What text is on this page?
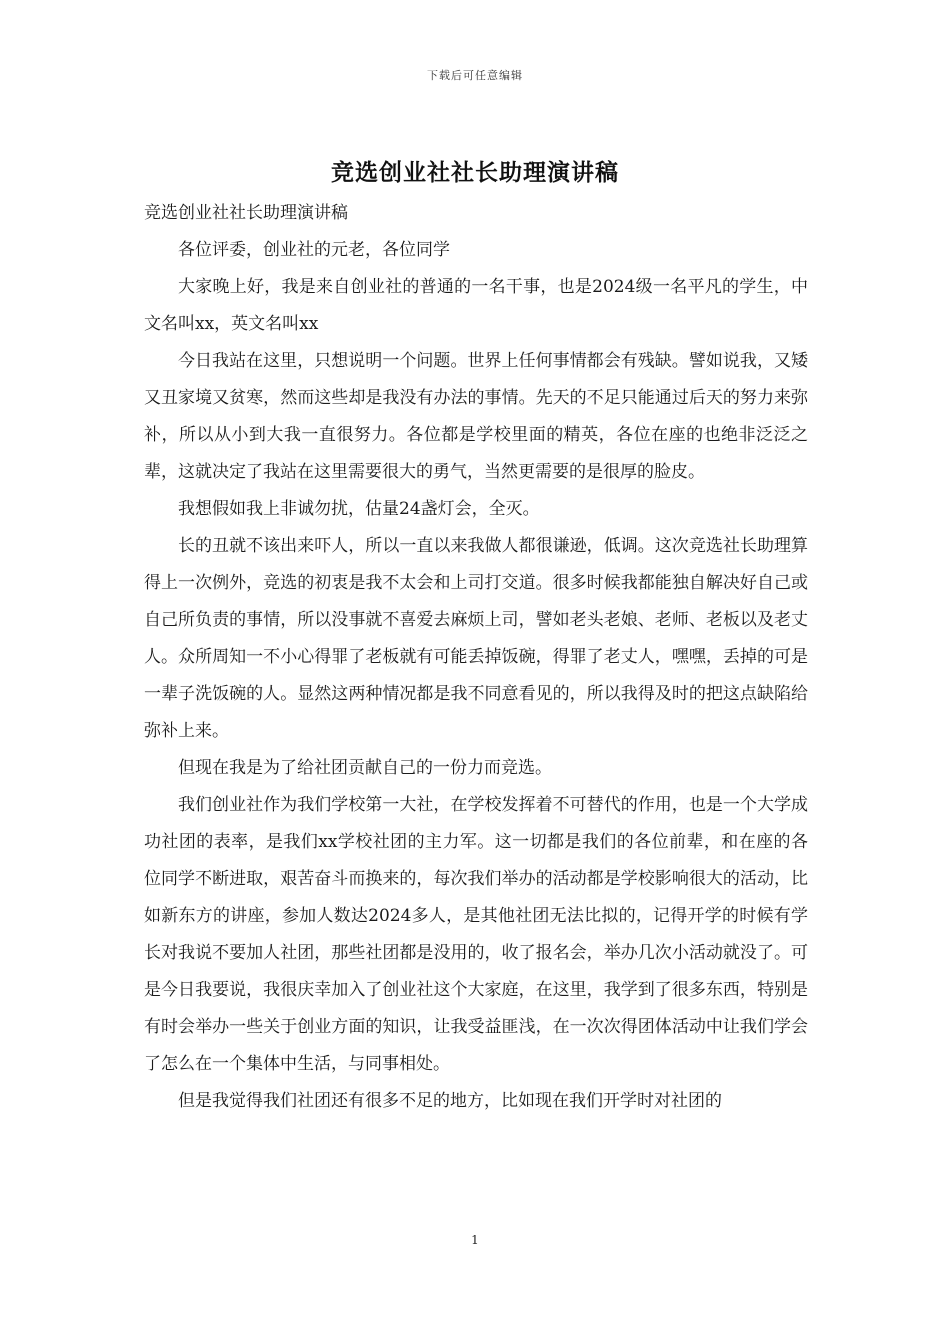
下载后可任意编辑
竞选创业社社长助理演讲稿

竞选创业社社长助理演讲稿

各位评委，创业社的元老，各位同学

大家晚上好，我是来自创业社的普通的一名干事，也是2024级一名平凡的学生，中文名叫xx，英文名叫xx

今日我站在这里，只想说明一个问题。世界上任何事情都会有残缺。譬如说我，又矮又丑家境又贫寒，然而这些却是我没有办法的事情。先天的不足只能通过后天的努力来弥补，所以从小到大我一直很努力。各位都是学校里面的精英，各位在座的也绝非泛泛之辈，这就决定了我站在这里需要很大的勇气，当然更需要的是很厚的脸皮。

我想假如我上非诚勿扰，估量24盏灯会，全灭。

长的丑就不该出来吓人，所以一直以来我做人都很谦逊，低调。这次竞选社长助理算得上一次例外，竞选的初衷是我不太会和上司打交道。很多时候我都能独自解决好自己或自己所负责的事情，所以没事就不喜爱去麻烦上司，譬如老头老娘、老师、老板以及老丈人。众所周知一不小心得罪了老板就有可能丢掉饭碗，得罪了老丈人，嘿嘿，丢掉的可是一辈子洗饭碗的人。显然这两种情况都是我不同意看见的，所以我得及时的把这点缺陷给弥补上来。

但现在我是为了给社团贡献自己的一份力而竞选。

我们创业社作为我们学校第一大社，在学校发挥着不可替代的作用，也是一个大学成功社团的表率，是我们xx学校社团的主力军。这一切都是我们的各位前辈，和在座的各位同学不断进取，艰苦奋斗而换来的，每次我们举办的活动都是学校影响很大的活动，比如新东方的讲座，参加人数达2024多人，是其他社团无法比拟的，记得开学的时候有学长对我说不要加人社团，那些社团都是没用的，收了报名会，举办几次小活动就没了。可是今日我要说，我很庆幸加入了创业社这个大家庭，在这里，我学到了很多东西，特别是有时会举办一些关于创业方面的知识，让我受益匪浅，在一次次得团体活动中让我们学会了怎么在一个集体中生活，与同事相处。

但是我觉得我们社团还有很多不足的地方，比如现在我们开学时对社团的

1
